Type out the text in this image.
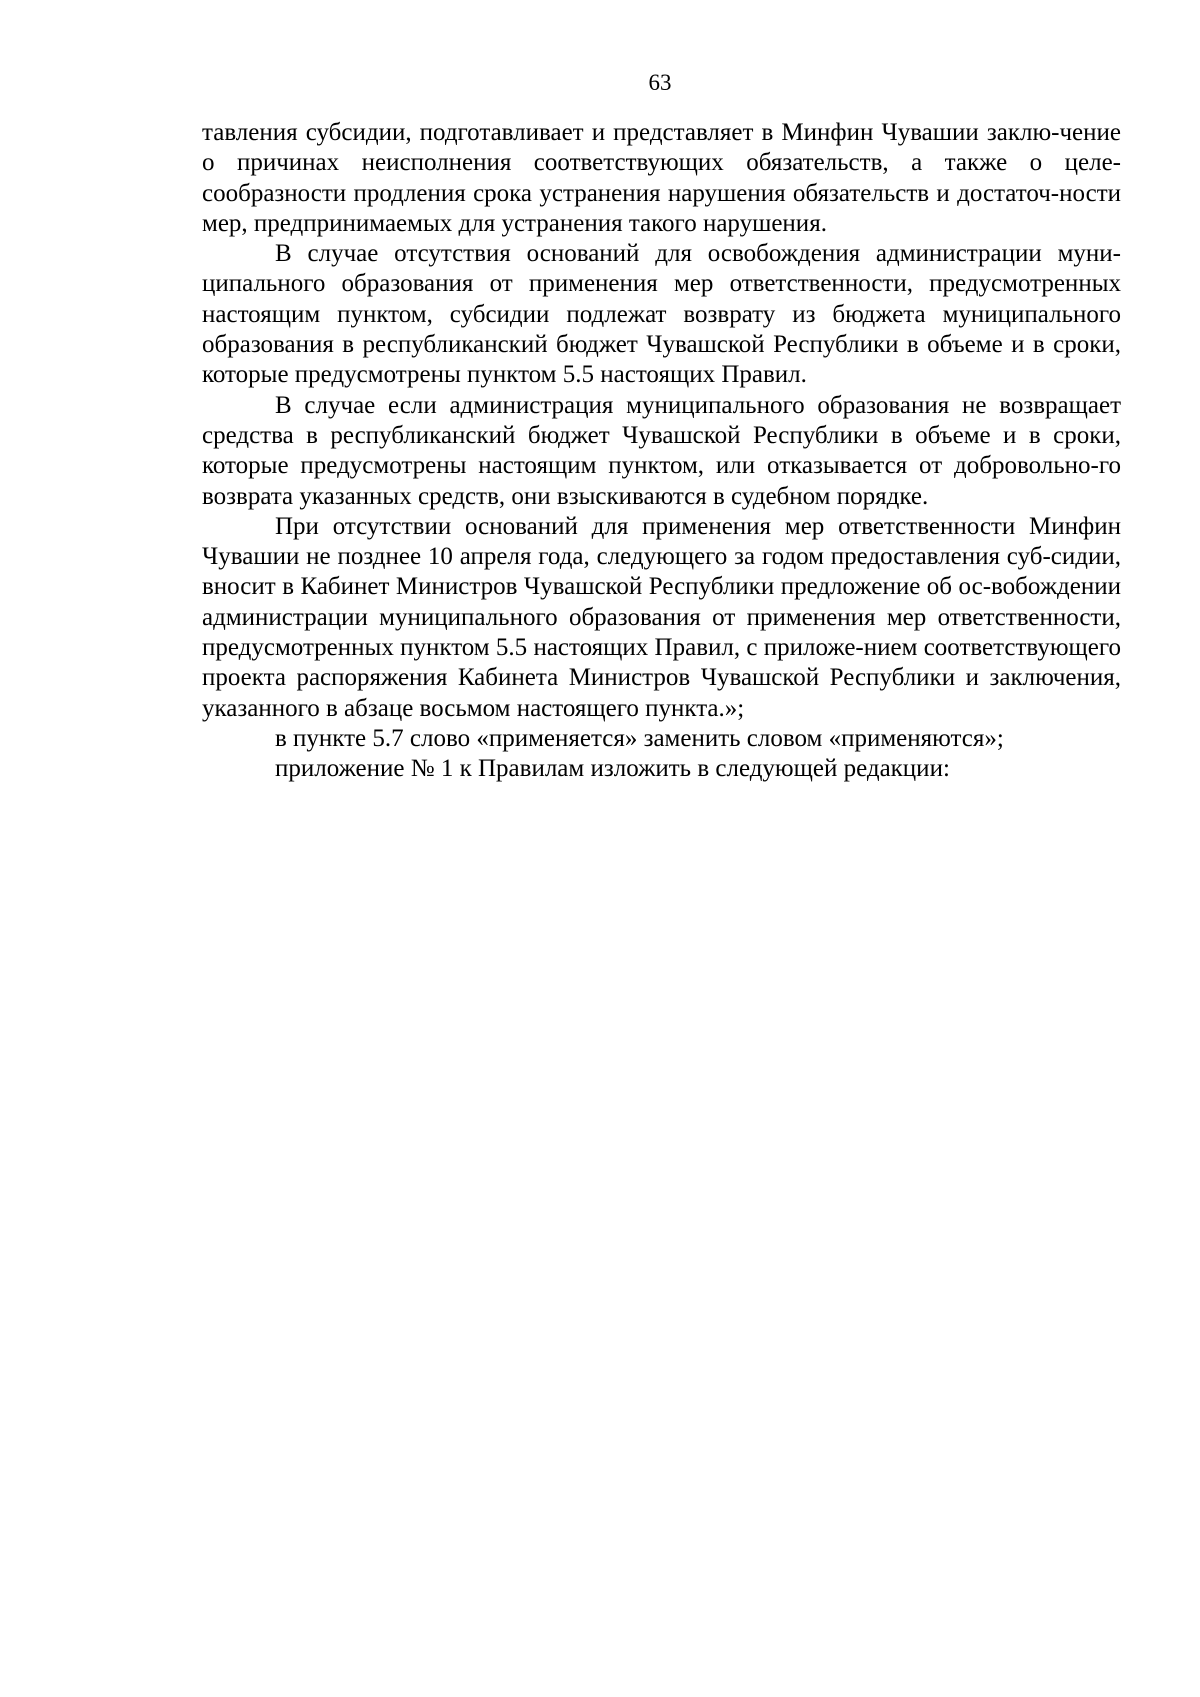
63

тавления субсидии, подготавливает и представляет в Минфин Чувашии заклю-чение о причинах неисполнения соответствующих обязательств, а также о целе-сообразности продления срока устранения нарушения обязательств и достаточ-ности мер, предпринимаемых для устранения такого нарушения.

В случае отсутствия оснований для освобождения администрации муни-ципального образования от применения мер ответственности, предусмотренных настоящим пунктом, субсидии подлежат возврату из бюджета муниципального образования в республиканский бюджет Чувашской Республики в объеме и в сроки, которые предусмотрены пунктом 5.5 настоящих Правил.

В случае если администрация муниципального образования не возвращает средства в республиканский бюджет Чувашской Республики в объеме и в сроки, которые предусмотрены настоящим пунктом, или отказывается от добровольно-го возврата указанных средств, они взыскиваются в судебном порядке.

При отсутствии оснований для применения мер ответственности Минфин Чувашии не позднее 10 апреля года, следующего за годом предоставления суб-сидии, вносит в Кабинет Министров Чувашской Республики предложение об ос-вобождении администрации муниципального образования от применения мер ответственности, предусмотренных пунктом 5.5 настоящих Правил, с приложе-нием соответствующего проекта распоряжения Кабинета Министров Чувашской Республики и заключения, указанного в абзаце восьмом настоящего пункта.»;

в пункте 5.7 слово «применяется» заменить словом «применяются»;

приложение № 1 к Правилам изложить в следующей редакции:
